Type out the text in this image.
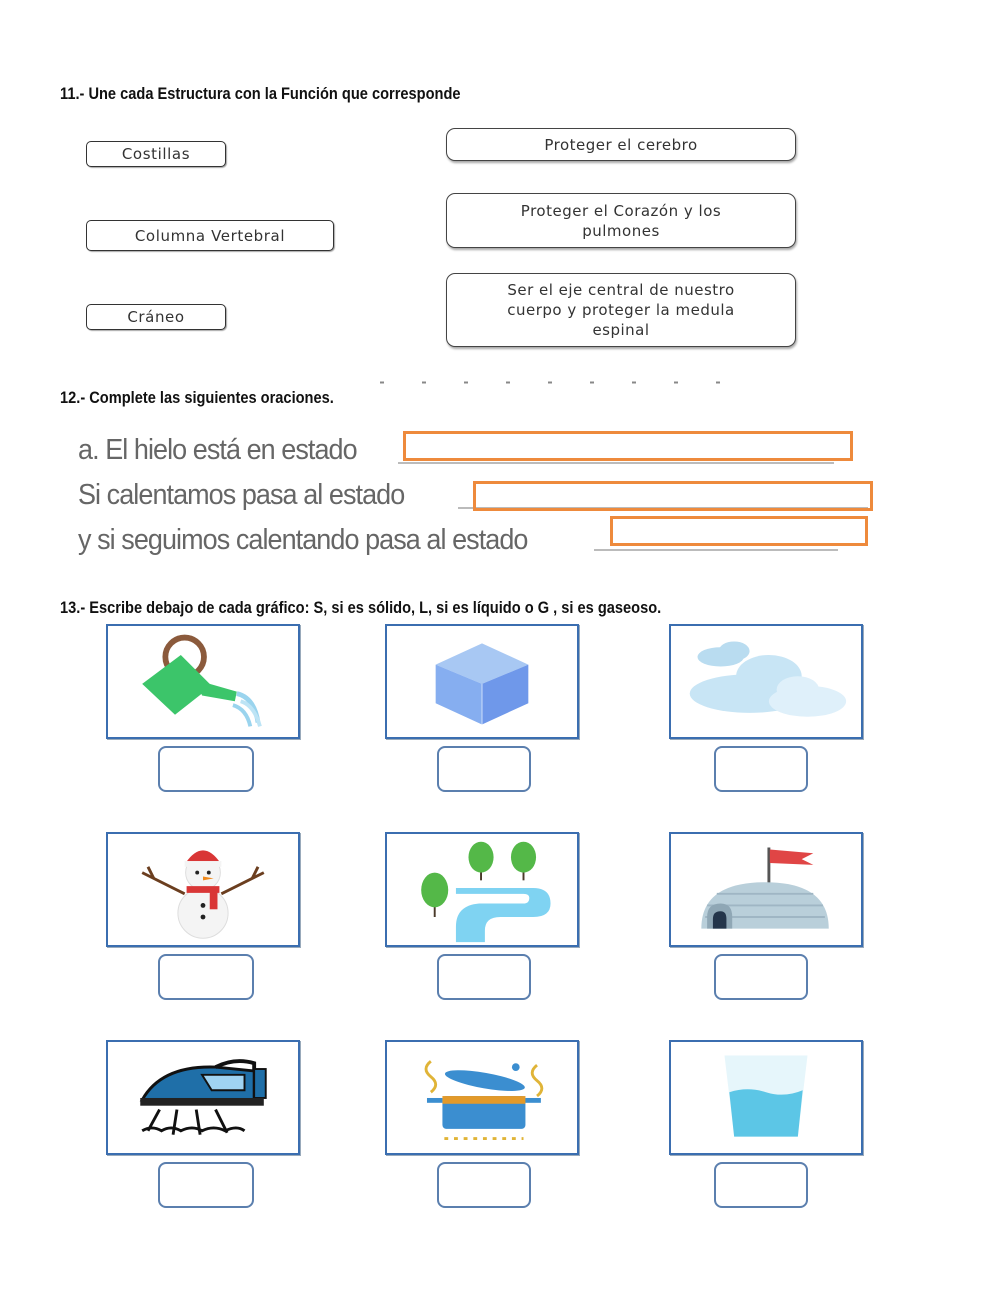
11.- Une cada Estructura con la Función que corresponde
Costillas
Columna Vertebral
Cráneo
Proteger el cerebro
Proteger el Corazón y los
pulmones
Ser el eje central de nuestro
cuerpo y proteger la medula
espinal
12.- Complete las siguientes oraciones.
a. El hielo está en estado
Si calentamos pasa al estado
y si seguimos calentando pasa al estado
13.- Escribe debajo de cada gráfico: S, si es sólido, L, si es líquido o G , si es gaseoso.
